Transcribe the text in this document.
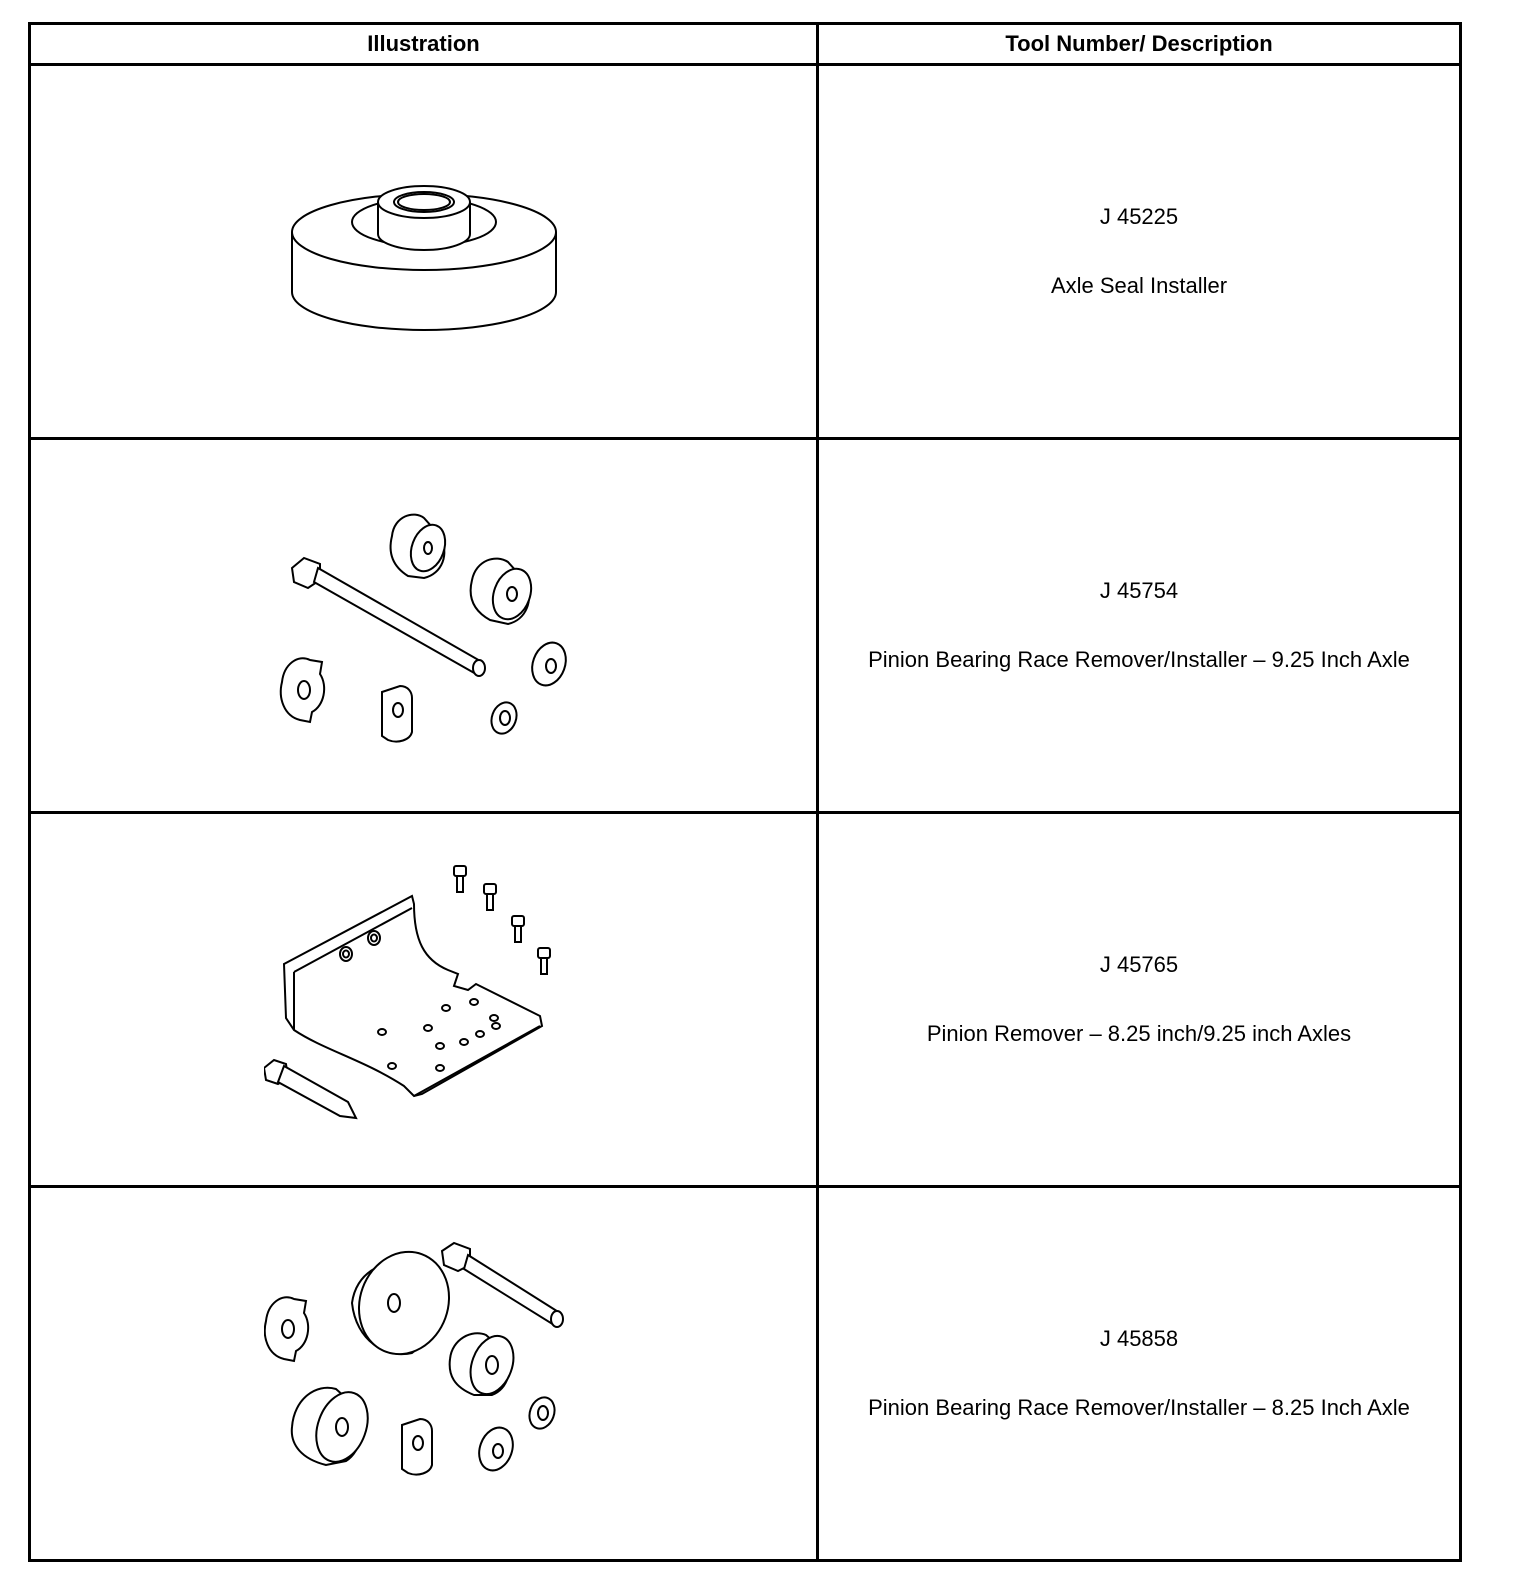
Illustration	Tool Number/ Description

J 45225
Axle Seal Installer

J 45754
Pinion Bearing Race Remover/Installer – 9.25 Inch Axle

J 45765
Pinion Remover – 8.25 inch/9.25 inch Axles

J 45858
Pinion Bearing Race Remover/Installer – 8.25 Inch Axle
